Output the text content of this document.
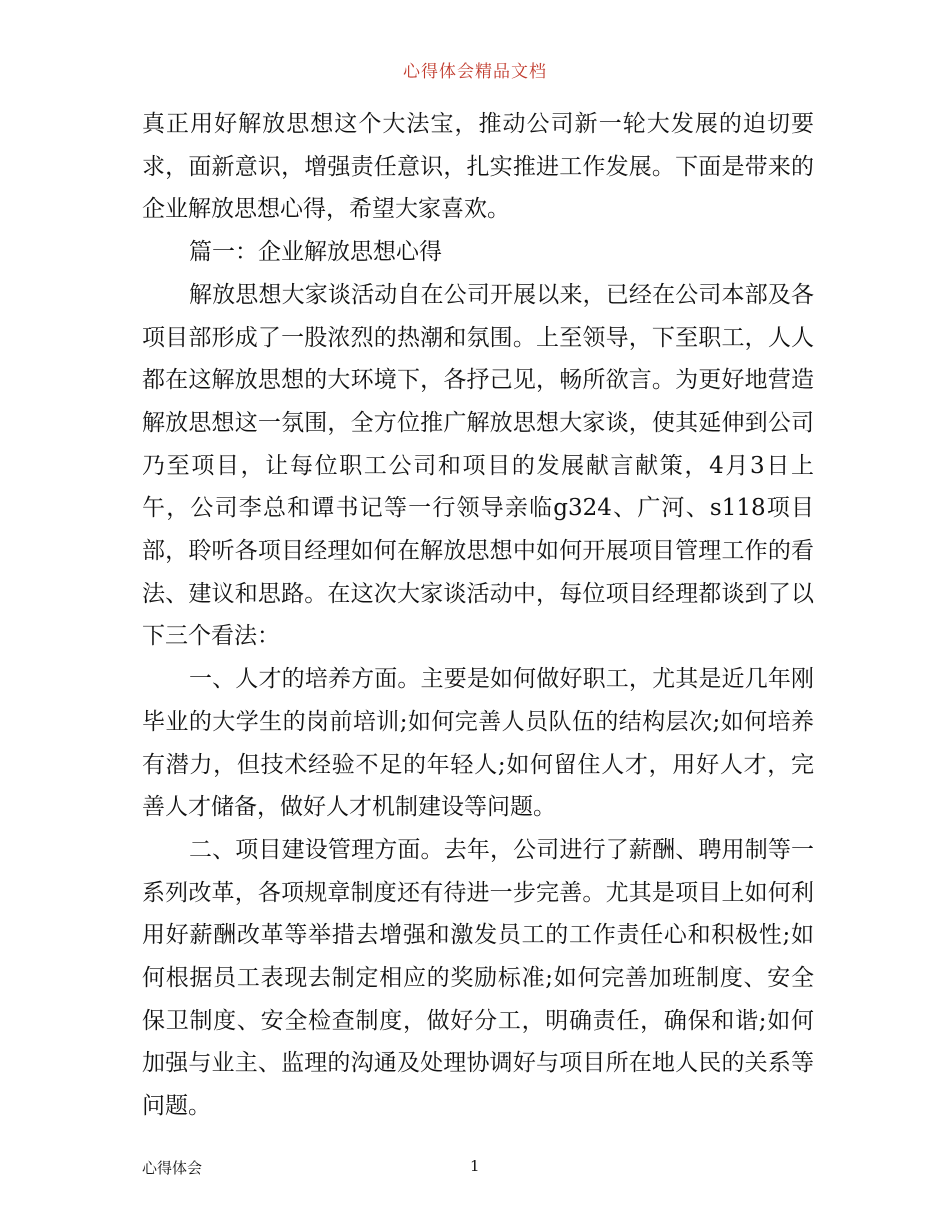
心得体会精品文档

真正用好解放思想这个大法宝，推动公司新一轮大发展的迫切要求，面新意识，增强责任意识，扎实推进工作发展。下面是带来的企业解放思想心得，希望大家喜欢。

篇一：企业解放思想心得

解放思想大家谈活动自在公司开展以来，已经在公司本部及各项目部形成了一股浓烈的热潮和氛围。上至领导，下至职工，人人都在这解放思想的大环境下，各抒己见，畅所欲言。为更好地营造解放思想这一氛围，全方位推广解放思想大家谈，使其延伸到公司乃至项目，让每位职工公司和项目的发展献言献策，4月3日上午，公司李总和谭书记等一行领导亲临g324、广河、s118项目部，聆听各项目经理如何在解放思想中如何开展项目管理工作的看法、建议和思路。在这次大家谈活动中，每位项目经理都谈到了以下三个看法：

一、人才的培养方面。主要是如何做好职工，尤其是近几年刚毕业的大学生的岗前培训;如何完善人员队伍的结构层次;如何培养有潜力，但技术经验不足的年轻人;如何留住人才，用好人才，完善人才储备，做好人才机制建设等问题。

二、项目建设管理方面。去年，公司进行了薪酬、聘用制等一系列改革，各项规章制度还有待进一步完善。尤其是项目上如何利用好薪酬改革等举措去增强和激发员工的工作责任心和积极性;如何根据员工表现去制定相应的奖励标准;如何完善加班制度、安全保卫制度、安全检查制度，做好分工，明确责任，确保和谐;如何加强与业主、监理的沟通及处理协调好与项目所在地人民的关系等问题。

心得体会	1
